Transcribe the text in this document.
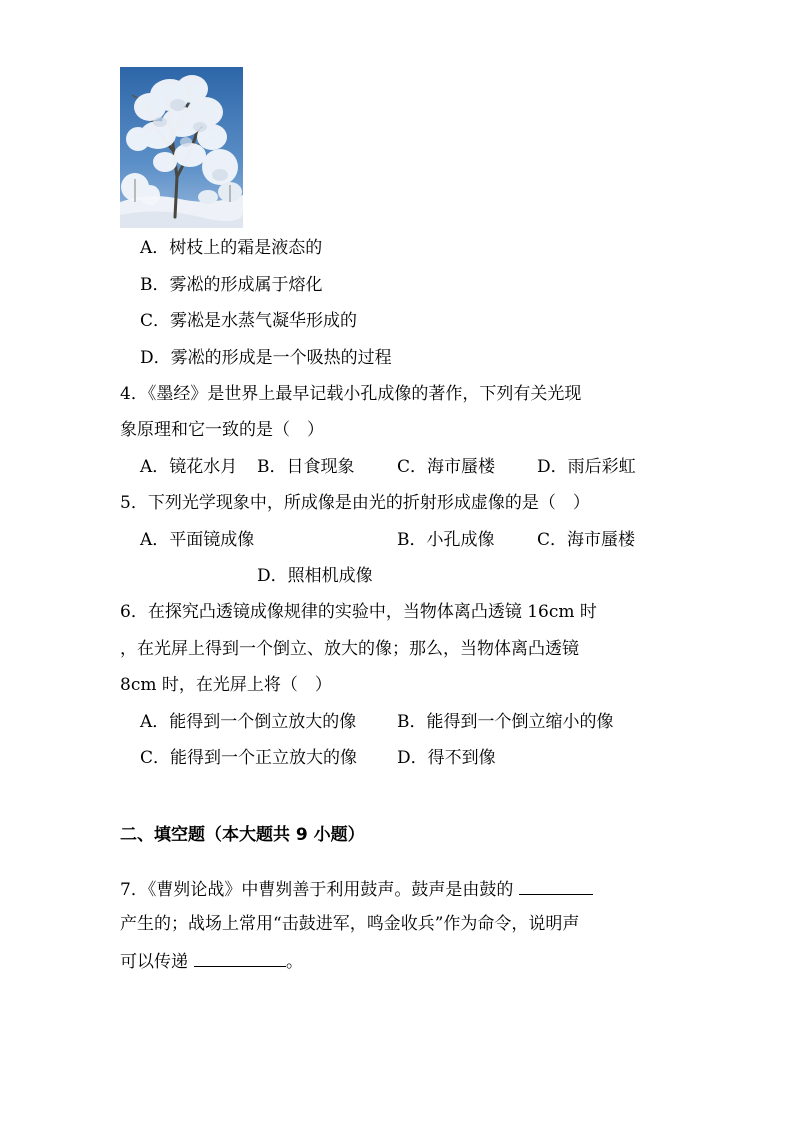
A．树枝上的霜是液态的
B．雾凇的形成属于熔化
C．雾凇是水蒸气凝华形成的
D．雾凇的形成是一个吸热的过程
4．《墨经》是世界上最早记载小孔成像的著作，下列有关光现
象原理和它一致的是（　）
A．镜花水月 B．日食现象	C．海市蜃楼 D．雨后彩虹
5．下列光学现象中，所成像是由光的折射形成虚像的是（　）
A．平面镜成像	B．小孔成像	C．海市蜃楼
D．照相机成像
6．在探究凸透镜成像规律的实验中，当物体离凸透镜 16cm 时
，在光屏上得到一个倒立、放大的像；那么，当物体离凸透镜
8cm 时，在光屏上将（　）
A．能得到一个倒立放大的像 B．能得到一个倒立缩小的像
C．能得到一个正立放大的像 D．得不到像
二、填空题（本大题共 9 小题）
7．《曹刿论战》中曹刿善于利用鼓声。鼓声是由鼓的
产生的；战场上常用“击鼓进军，鸣金收兵”作为命令，说明声
可以传递	。
